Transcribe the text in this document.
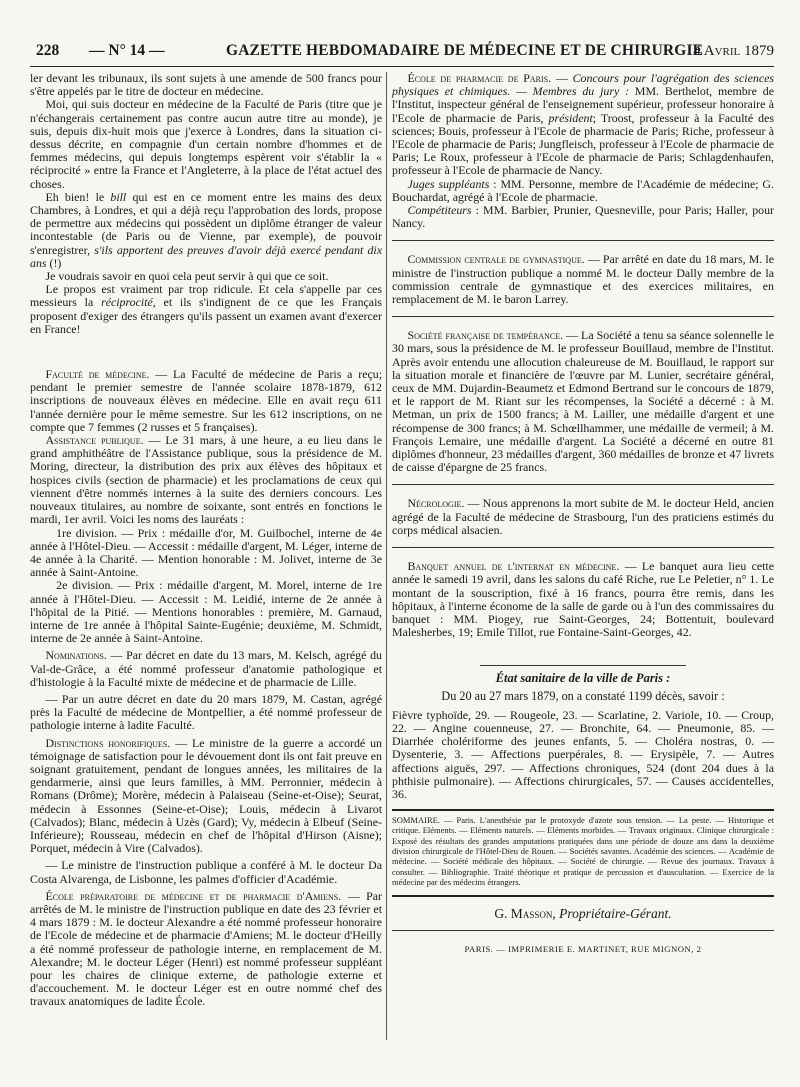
228 — N° 14 —	GAZETTE HEBDOMADAIRE DE MÉDECINE ET DE CHIRURGIE
4 Avril 1879

ler devant les tribunaux, ils sont sujets à une amende de 500 francs pour s'être appelés par le titre de docteur en médecine.

Moi, qui suis docteur en médecine de la Faculté de Paris (titre que je n'échangerais certainement pas contre aucun autre titre au monde), je suis, depuis dix-huit mois que j'exerce à Londres, dans la situation ci-dessus décrite, en compagnie d'un certain nombre d'hommes et de femmes médecins, qui depuis longtemps espèrent voir s'établir la « réciprocité » entre la France et l'Angleterre, à la place de l'état actuel des choses.

Eh bien! le bill qui est en ce moment entre les mains des deux Chambres, à Londres, et qui a déjà reçu l'approbation des lords, propose de permettre aux médecins qui possèdent un diplôme étranger de valeur incontestable (de Paris ou de Vienne, par exemple), de pouvoir s'enregistrer, s'ils apportent des preuves d'avoir déjà exercé pendant dix ans (!)

Je voudrais savoir en quoi cela peut servir à qui que ce soit.

Le propos est vraiment par trop ridicule. Et cela s'appelle par ces messieurs la réciprocité, et ils s'indignent de ce que les Français proposent d'exiger des étrangers qu'ils passent un examen avant d'exercer en France!

Faculté de médecine. — La Faculté de médecine de Paris a reçu; pendant le premier semestre de l'année scolaire 1878-1879, 612 inscriptions de nouveaux élèves en médecine. Elle en avait reçu 611 l'année dernière pour le même semestre. Sur les 612 inscriptions, on ne compte que 7 femmes (2 russes et 5 françaises).

Assistance publique. — Le 31 mars, à une heure, a eu lieu dans le grand amphithéâtre de l'Assistance publique, sous la présidence de M. Moring, directeur, la distribution des prix aux élèves des hôpitaux et hospices civils (section de pharmacie) et les proclamations de ceux qui viennent d'être nommés internes à la suite des derniers concours. Les nouveaux titulaires, au nombre de soixante, sont entrés en fonctions le mardi, 1er avril. Voici les noms des lauréats :

1re division. — Prix : médaille d'or, M. Guilbochel, interne de 4e année à l'Hôtel-Dieu. — Accessit : médaille d'argent, M. Léger, interne de 4e année à la Charité. — Mention honorable : M. Jolivet, interne de 3e année à Saint-Antoine.

2e division. — Prix : médaille d'argent, M. Morel, interne de 1re année à l'Hôtel-Dieu. — Accessit : M. Leidié, interne de 2e année à l'hôpital de la Pitié. — Mentions honorables : première, M. Garnaud, interne de 1re année à l'hôpital Sainte-Eugénie; deuxième, M. Schmidt, interne de 2e année à Saint-Antoine.

Nominations. — Par décret en date du 13 mars, M. Kelsch, agrégé du Val-de-Grâce, a été nommé professeur d'anatomie pathologique et d'histologie à la Faculté mixte de médecine et de pharmacie de Lille.

— Par un autre décret en date du 20 mars 1879, M. Castan, agrégé près la Faculté de médecine de Montpellier, a été nommé professeur de pathologie interne à ladite Faculté.

Distinctions honorifiques. — Le ministre de la guerre a accordé un témoignage de satisfaction pour le dévouement dont ils ont fait preuve en soignant gratuitement, pendant de longues années, les militaires de la gendarmerie, ainsi que leurs familles, à MM. Perronnier, médecin à Romans (Drôme); Morère, médecin à Palaiseau (Seine-et-Oise); Seurat, médecin à Essonnes (Seine-et-Oise); Louis, médecin à Livarot (Calvados); Blanc, médecin à Uzès (Gard); Vy, médecin à Elbeuf (Seine-Inférieure); Rousseau, médecin en chef de l'hôpital d'Hirson (Aisne); Porquet, médecin à Vire (Calvados).

— Le ministre de l'instruction publique a conféré à M. le docteur Da Costa Alvarenga, de Lisbonne, les palmes d'officier d'Académie.

École préparatoire de médecine et de pharmacie d'Amiens. — Par arrêtés de M. le ministre de l'instruction publique en date des 23 février et 4 mars 1879 : M. le docteur Alexandre a été nommé professeur honoraire de l'Ecole de médecine et de pharmacie d'Amiens; M. le docteur d'Heilly a été nommé professeur de pathologie interne, en remplacement de M. Alexandre; M. le docteur Léger (Henri) est nommé professeur suppléant pour les chaires de clinique externe, de pathologie externe et d'accouchement. M. le docteur Léger est en outre nommé chef des travaux anatomiques de ladite École.

École de pharmacie de Paris. — Concours pour l'agrégation des sciences physiques et chimiques. — Membres du jury : MM. Berthelot, membre de l'Institut, inspecteur général de l'enseignement supérieur, professeur honoraire à l'Ecole de pharmacie de Paris, président; Troost, professeur à la Faculté des sciences; Bouis, professeur à l'Ecole de pharmacie de Paris; Riche, professeur à l'Ecole de pharmacie de Paris; Jungfleisch, professeur à l'Ecole de pharmacie de Paris; Le Roux, professeur à l'Ecole de pharmacie de Paris; Schlagdenhaufen, professeur à l'Ecole de pharmacie de Nancy.

Juges suppléants : MM. Personne, membre de l'Académie de médecine; G. Bouchardat, agrégé à l'Ecole de pharmacie.

Compétiteurs : MM. Barbier, Prunier, Quesneville, pour Paris; Haller, pour Nancy.

Commission centrale de gymnastique. — Par arrêté en date du 18 mars, M. le ministre de l'instruction publique a nommé M. le docteur Dally membre de la commission centrale de gymnastique et des exercices militaires, en remplacement de M. le baron Larrey.

Société française de tempérance. — La Société a tenu sa séance solennelle le 30 mars, sous la présidence de M. le professeur Bouillaud, membre de l'Institut. Après avoir entendu une allocution chaleureuse de M. Bouillaud, le rapport sur la situation morale et financière de l'œuvre par M. Lunier, secrétaire général, ceux de MM. Dujardin-Beaumetz et Edmond Bertrand sur le concours de 1879, et le rapport de M. Riant sur les récompenses, la Société a décerné : à M. Metman, un prix de 1500 francs; à M. Lailler, une médaille d'argent et une récompense de 300 francs; à M. Schœllhammer, une médaille de vermeil; à M. François Lemaire, une médaille d'argent. La Société a décerné en outre 81 diplômes d'honneur, 23 médailles d'argent, 360 médailles de bronze et 47 livrets de caisse d'épargne de 25 francs.

Nécrologie. — Nous apprenons la mort subite de M. le docteur Held, ancien agrégé de la Faculté de médecine de Strasbourg, l'un des praticiens estimés du corps médical alsacien.

Banquet annuel de l'internat en médecine. — Le banquet aura lieu cette année le samedi 19 avril, dans les salons du café Riche, rue Le Peletier, n° 1. Le montant de la souscription, fixé à 16 francs, pourra être remis, dans les hôpitaux, à l'interne économe de la salle de garde ou à l'un des commissaires du banquet : MM. Piogey, rue Saint-Georges, 24; Bottentuit, boulevard Malesherbes, 19; Emile Tillot, rue Fontaine-Saint-Georges, 42.

État sanitaire de la ville de Paris :
Du 20 au 27 mars 1879, on a constaté 1199 décès, savoir :

Fièvre typhoïde, 29. — Rougeole, 23. — Scarlatine, 2. Variole, 10. — Croup, 22. — Angine couenneuse, 27. — Bronchite, 64. — Pneumonie, 85. — Diarrhée cholériforme des jeunes enfants, 5. — Choléra nostras, 0. — Dysenterie, 3. — Affections puerpérales, 8. — Erysipèle, 7. — Autres affections aiguës, 297. — Affections chroniques, 524 (dont 204 dues à la phthisie pulmonaire). — Affections chirurgicales, 57. — Causes accidentelles, 36.

SOMMAIRE. — Paris. L'anesthésie par le protoxyde d'azote sous tension. — La peste. — Historique et critique. Eléments. — Eléments naturels. — Eléments morbides. — Travaux originaux. Clinique chirurgicale : Exposé des résultats des grandes amputations pratiquées dans une période de douze ans dans la deuxième division chirurgicale de l'Hôtel-Dieu de Rouen. — Sociétés savantes. Académie des sciences. — Académie de médecine. — Société médicale des hôpitaux. — Société de chirurgie. — Revue des journaux. Travaux à consulter. — Bibliographie. Traité théorique et pratique de percussion et d'auscultation. — Exercice de la médecine par des médecins étrangers.

G. Masson, Propriétaire-Gérant.
PARIS. — IMPRIMERIE E. MARTINET, RUE MIGNON, 2
